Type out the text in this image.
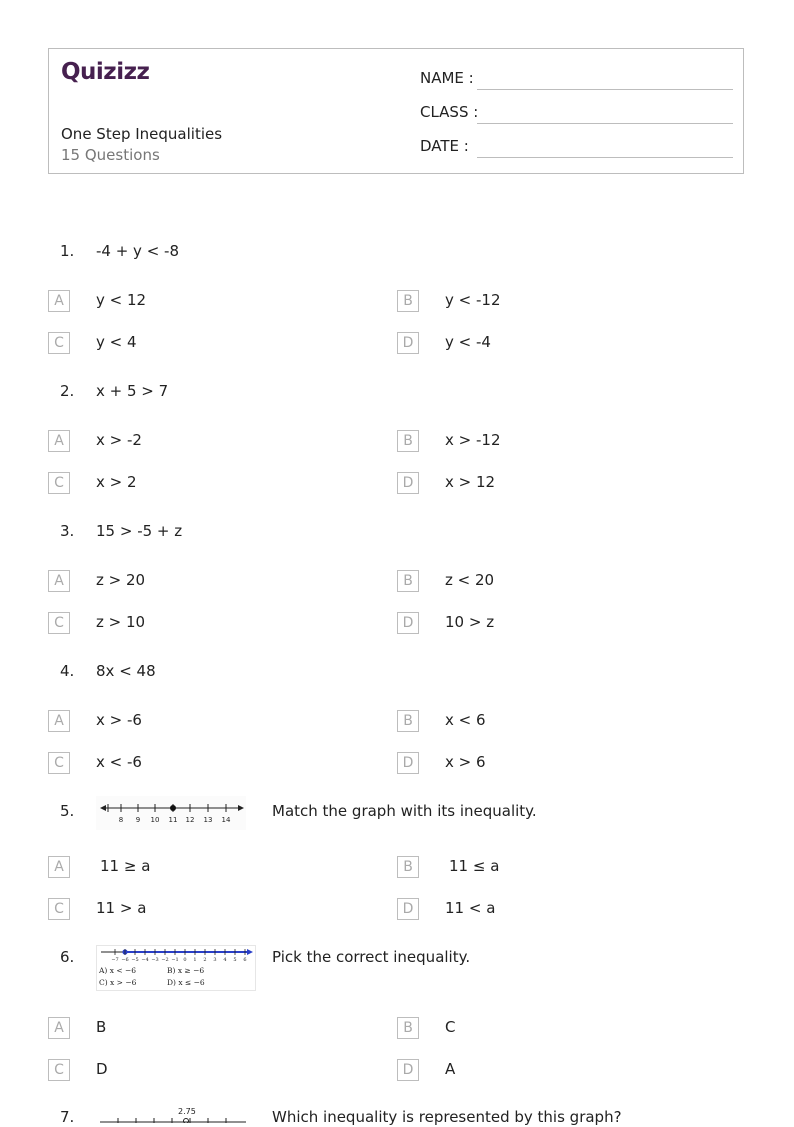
Quizizz
One Step Inequalities
15 Questions
NAME :
CLASS :
DATE :
1. -4 + y < -8
A	y < 12	B	y < -12
C	y < 4	D	y < -4
2. x + 5 > 7
A	x > -2	B	x > -12
C	x > 2	D	x > 12
3. 15 > -5 + z
A	z > 20	B	z < 20
C	z > 10	D	10 > z
4. 8x < 48
A	x > -6	B	x < 6
C	x < -6	D	x > 6
5.	8 9 10 11 12 13 14	Match the graph with its inequality.
A	11 ≥ a	B	11 ≤ a
C	11 > a	D	11 < a
6.	−7 −6 −5 −4 −3 −2 −1 0 1 2 3 4 5 6
A) x < −6	B) x ≥ −6
C) x > −6	D) x ≤ −6
Pick the correct inequality.
A	B	B	C
C	D	D	A
7.	2.75	Which inequality is represented by this graph?
